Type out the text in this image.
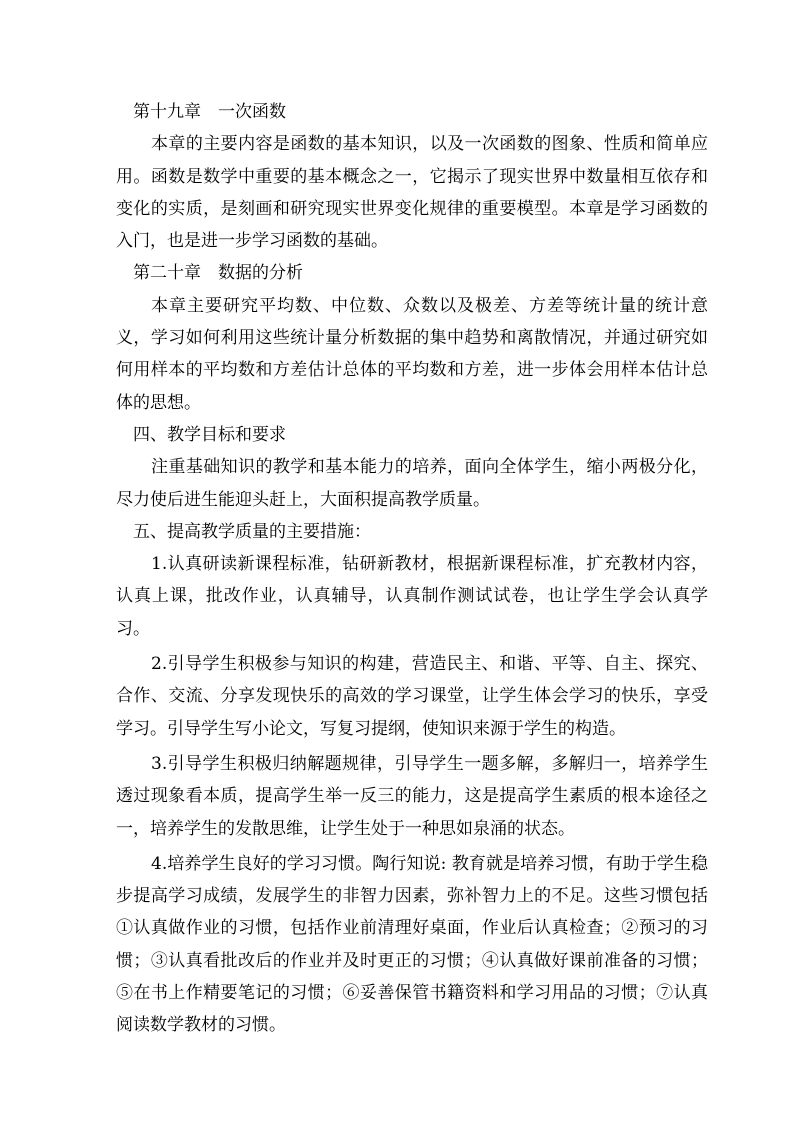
第十九章　一次函数

本章的主要内容是函数的基本知识，以及一次函数的图象、性质和简单应用。函数是数学中重要的基本概念之一，它揭示了现实世界中数量相互依存和变化的实质，是刻画和研究现实世界变化规律的重要模型。本章是学习函数的入门，也是进一步学习函数的基础。

第二十章　数据的分析

本章主要研究平均数、中位数、众数以及极差、方差等统计量的统计意义，学习如何利用这些统计量分析数据的集中趋势和离散情况，并通过研究如何用样本的平均数和方差估计总体的平均数和方差，进一步体会用样本估计总体的思想。

四、教学目标和要求

注重基础知识的教学和基本能力的培养，面向全体学生，缩小两极分化，尽力使后进生能迎头赶上，大面积提高教学质量。

五、提高教学质量的主要措施：

1.认真研读新课程标准，钻研新教材，根据新课程标准，扩充教材内容，认真上课，批改作业，认真辅导，认真制作测试试卷，也让学生学会认真学习。

2.引导学生积极参与知识的构建，营造民主、和谐、平等、自主、探究、合作、交流、分享发现快乐的高效的学习课堂，让学生体会学习的快乐，享受学习。引导学生写小论文，写复习提纲，使知识来源于学生的构造。

3.引导学生积极归纳解题规律，引导学生一题多解，多解归一，培养学生透过现象看本质，提高学生举一反三的能力，这是提高学生素质的根本途径之一，培养学生的发散思维，让学生处于一种思如泉涌的状态。

4.培养学生良好的学习习惯。陶行知说: 教育就是培养习惯，有助于学生稳步提高学习成绩，发展学生的非智力因素，弥补智力上的不足。这些习惯包括①认真做作业的习惯，包括作业前清理好桌面，作业后认真检查；②预习的习惯；③认真看批改后的作业并及时更正的习惯；④认真做好课前准备的习惯；⑤在书上作精要笔记的习惯；⑥妥善保管书籍资料和学习用品的习惯；⑦认真阅读数学教材的习惯。
